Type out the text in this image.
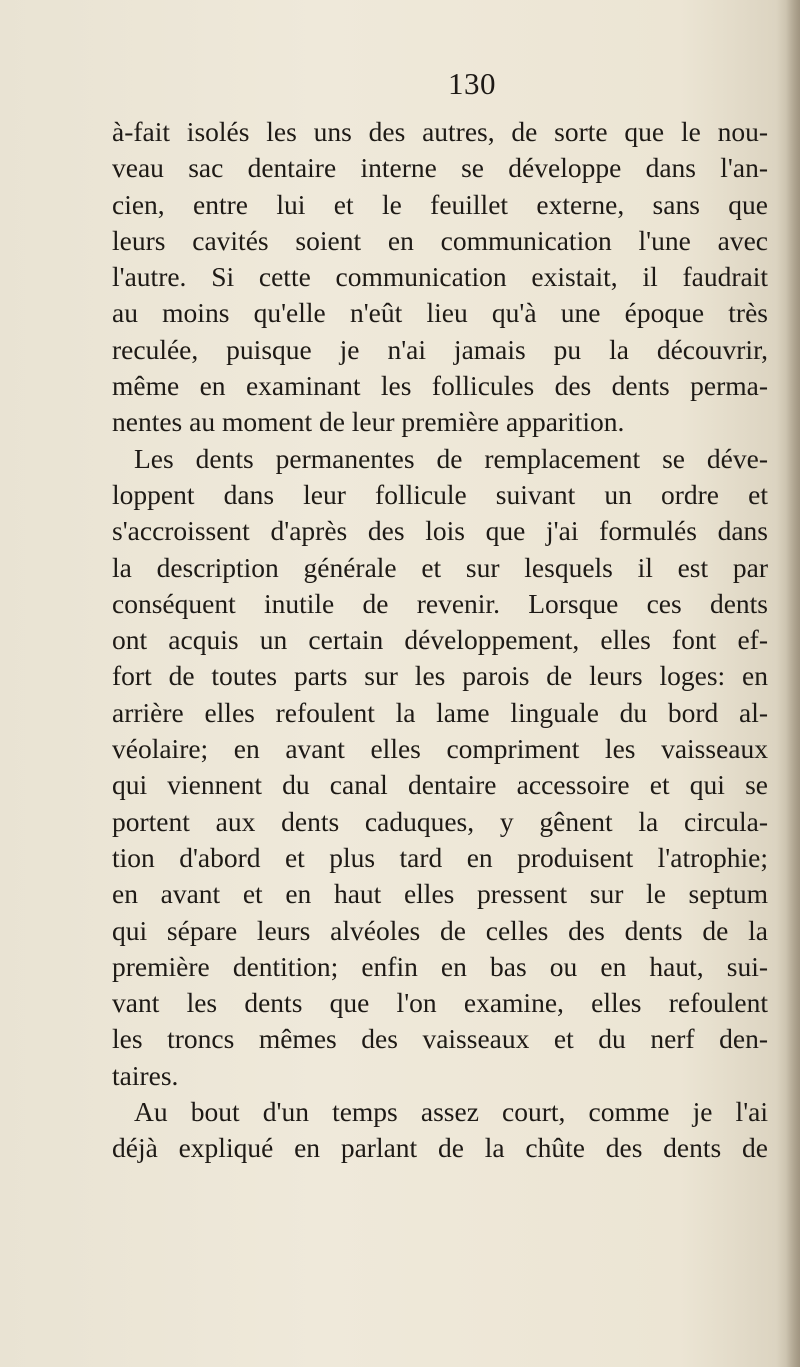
130
à-fait isolés les uns des autres, de sorte que le nou-
veau sac dentaire interne se développe dans l'an-
cien, entre lui et le feuillet externe, sans que
leurs cavités soient en communication l'une avec
l'autre. Si cette communication existait, il faudrait
au moins qu'elle n'eût lieu qu'à une époque très
reculée, puisque je n'ai jamais pu la découvrir,
même en examinant les follicules des dents perma-
nentes au moment de leur première apparition.
Les dents permanentes de remplacement se déve-
loppent dans leur follicule suivant un ordre et
s'accroissent d'après des lois que j'ai formulés dans
la description générale et sur lesquels il est par
conséquent inutile de revenir. Lorsque ces dents
ont acquis un certain développement, elles font ef-
fort de toutes parts sur les parois de leurs loges: en
arrière elles refoulent la lame linguale du bord al-
véolaire; en avant elles compriment les vaisseaux
qui viennent du canal dentaire accessoire et qui se
portent aux dents caduques, y gênent la circula-
tion d'abord et plus tard en produisent l'atrophie;
en avant et en haut elles pressent sur le septum
qui sépare leurs alvéoles de celles des dents de la
première dentition; enfin en bas ou en haut, sui-
vant les dents que l'on examine, elles refoulent
les troncs mêmes des vaisseaux et du nerf den-
taires.
Au bout d'un temps assez court, comme je l'ai
déjà expliqué en parlant de la chûte des dents de
